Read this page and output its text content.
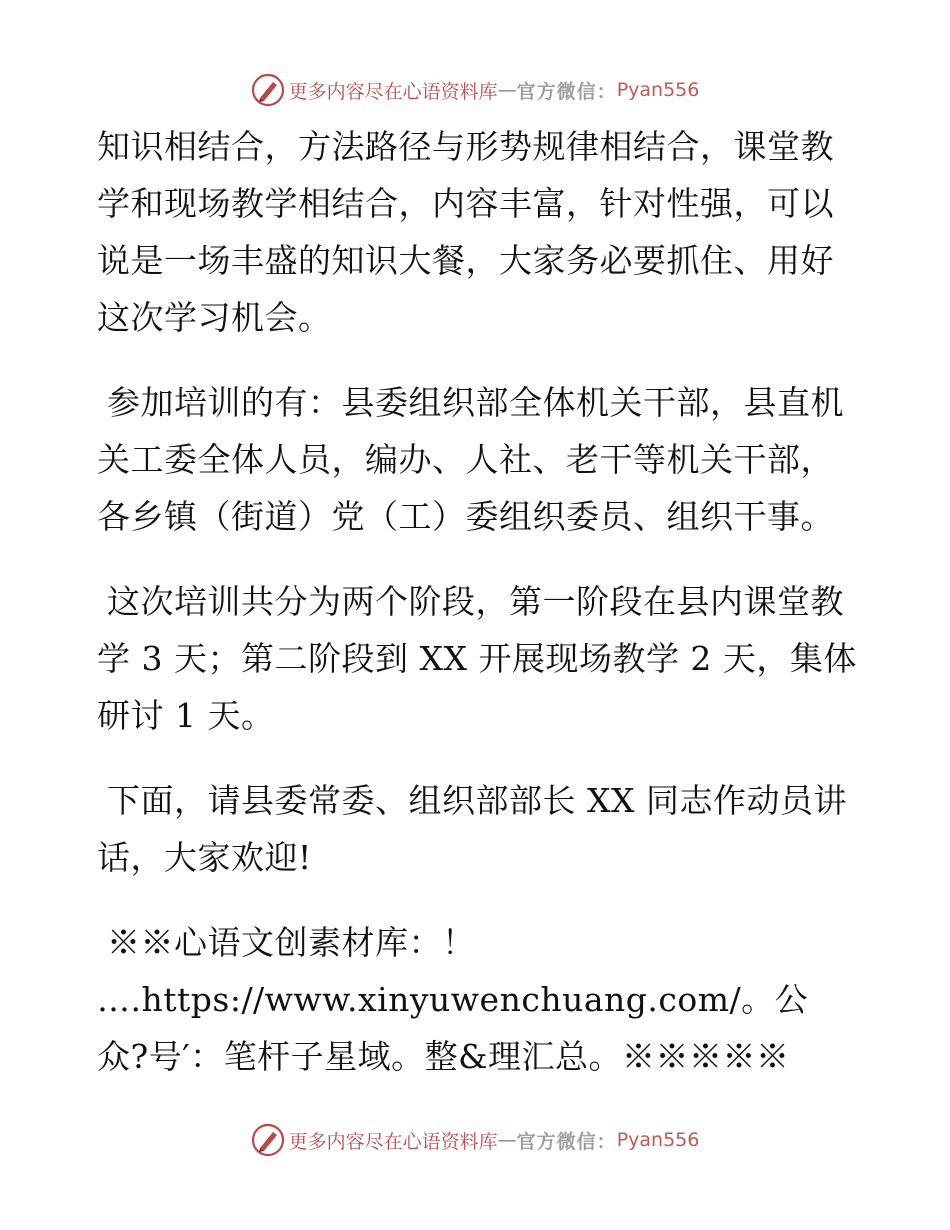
更多内容尽在心语资料库 — 官方微信： Pyan556

知识相结合，方法路径与形势规律相结合，课堂教学和现场教学相结合，内容丰富，针对性强，可以说是一场丰盛的知识大餐，大家务必要抓住、用好这次学习机会。

参加培训的有：县委组织部全体机关干部，县直机关工委全体人员，编办、人社、老干等机关干部，各乡镇（街道）党（工）委组织委员、组织干事。

这次培训共分为两个阶段，第一阶段在县内课堂教学 3 天；第二阶段到 XX 开展现场教学 2 天，集体研讨 1 天。

下面，请县委常委、组织部部长 XX 同志作动员讲话，大家欢迎!

※※心语文创素材库：！ ….https://www.xinyuwenchuang.com/。公众?号′：笔杆子星域。整&理汇总。※※※※※

更多内容尽在心语资料库 — 官方微信： Pyan556
